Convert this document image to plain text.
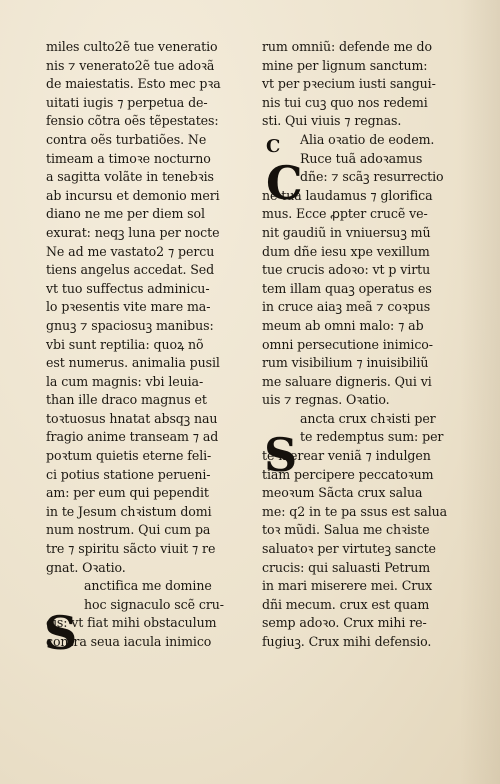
miles culto2ẽ tue veneratio
nis ⁊ venerato2ẽ tue adoꝛã
de maiestatis. Esto mec pꝛa
uitati iugis ⁊ perpetua de-
fensio cõtra oẽs tẽpestates:
contra oẽs turbatiões. Ne
timeam a timoꝛe nocturno
a sagitta volãte in tenebꝛis
ab incursu et demonio meri
diano ne me per diem sol
exurat: neqꝫ luna per nocte
Ne ad me vastato2 ⁊ percu
tiens angelus accedat. Sed
vt tuo suffectus adminicu-
lo pꝛesentis vite mare ma-
gnuꝫ ⁊ spaciosuꝫ manibus:
vbi sunt reptilia: quoꝝ nõ
est numerus. animalia pusil
la cum magnis: vbi leuia-
than ille draco magnus et
toꝛtuosus hnatat absqꝫ nau
fragio anime transeam ⁊ ad
poꝛtum quietis eterne feli-
ci potius statione perueni-
am: per eum qui pependit
in te Jesum chꝛistum domi
num nostrum. Qui cum pa
tre ⁊ spiritu sãcto viuit ⁊ re
gnat. Oꝛatio.
anctifica me domine
hoc signaculo scẽ cru-
cis: vt fiat mihi obstaculum
contra seua iacula inimico
rum omniũ: defende me do
mine per lignum sanctum:
vt per pꝛecium iusti sangui-
nis tui cuꝫ quo nos redemi
sti. Qui viuis ⁊ regnas.
Alia oꝛatio de eodem.
Ruce tuã adoꝛamus
dñe: ⁊ scãꝫ resurrectio
nẽ tuã laudamus ⁊ glorifica
mus. Ecce ꝓpter crucẽ ve-
nit gaudiũ in vniuersuꝫ mũ
dum dñe iesu xpe vexillum
tue crucis adoꝛo: vt p virtu
tem illam quaꝫ operatus es
in cruce aiaꝫ meã ⁊ coꝛpus
meum ab omni malo: ⁊ ab
omni persecutione inimico-
rum visibilium ⁊ inuisibiliũ
me saluare digneris. Qui vi
uis ⁊ regnas. Oꝛatio.
ancta crux chꝛisti per
te redemptus sum: per
te merear veniã ⁊ indulgen
tiam percipere peccatoꝛum
meoꝛum Sãcta crux salua
me: q2 in te pa ssus est salua
toꝛ mũdi. Salua me chꝛiste
saluatoꝛ per virtuteꝫ sancte
crucis: qui saluasti Petrum
in mari miserere mei. Crux
dñi mecum. crux est quam
semp adoꝛo. Crux mihi re-
fugiuꝫ. Crux mihi defensio.
S
C
C
S
